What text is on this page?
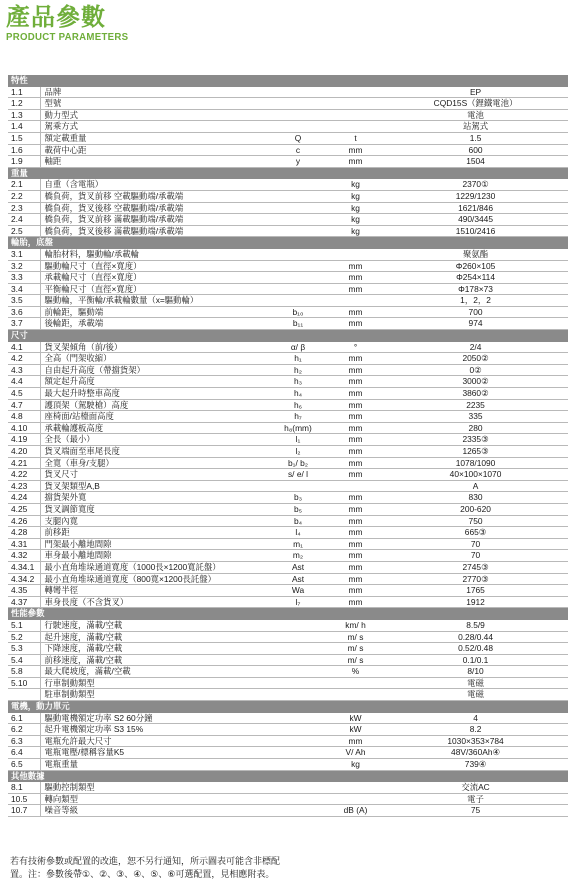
產品參數
PRODUCT PARAMETERS
特性				
1.1	品牌			EP
1.2	型號			CQD15S（鋰鐵電池）
1.3	動力型式			電池
1.4	駕乘方式			站駕式
1.5	額定載重量	Q	t	1.5
1.6	載荷中心距	c	mm	600
1.9	軸距	y	mm	1504
重量				
2.1	自重（含電瓶）		kg	2370①
2.2	橋負荷，貨叉前移 空載驅動端/承載端		kg	1229/1230
2.3	橋負荷，貨叉後移 空載驅動端/承載端		kg	1621/846
2.4	橋負荷，貨叉前移 滿載驅動端/承載端		kg	490/3445
2.5	橋負荷，貨叉後移 滿載驅動端/承載端		kg	1510/2416
輪胎，底盤				
3.1	輪胎材料，驅動輪/承載輪			聚氨酯
3.2	驅動輪尺寸（直徑×寬度）		mm	Φ260×105
3.3	承載輪尺寸（直徑×寬度）		mm	Φ254×114
3.4	平衡輪尺寸（直徑×寬度）		mm	Φ178×73
3.5	驅動輪，平衡輪/承載輪數量（x=驅動輪）			1，2，2
3.6	前輪距，驅動端	b₁₀	mm	700
3.7	後輪距，承載端	b₁₁	mm	974
尺寸				
4.1	貨叉架傾角（前/後）	α/ β	°	2/4
4.2	全高（門架收縮）	h₁	mm	2050②
4.3	自由起升高度（帶擋貨架）	h₂	mm	0②
4.4	額定起升高度	h₃	mm	3000②
4.5	最大起升時整車高度	h₄	mm	3860②
4.7	護頂架（駕駛槍）高度	h₆	mm	2235
4.8	座椅面/站檯面高度	h₇	mm	335
4.10	承載輪護板高度	h₈(mm)	mm	280
4.19	全長（最小）	l₁	mm	2335③
4.20	貨叉端面至車尾長度	l₂	mm	1265③
4.21	全寬（車身/支腿）	b₁/ b₂	mm	1078/1090
4.22	貨叉尺寸	s/ e/ l	mm	40×100×1070
4.23	貨叉架類型A,B			A
4.24	擋貨架外寬	b₃	mm	830
4.25	貨叉調節寬度	b₅	mm	200-620
4.26	支腿內寬	b₄	mm	750
4.28	前移距	l₄	mm	665③
4.31	門架最小離地間隙	m₁	mm	70
4.32	車身最小離地間隙	m₂	mm	70
4.34.1	最小直角堆垛通道寬度（1000長×1200寬託盤）	Ast	mm	2745③
4.34.2	最小直角堆垛通道寬度（800寬×1200長託盤）	Ast	mm	2770③
4.35	轉彎半徑	Wa	mm	1765
4.37	車身長度（不含貨叉）	l₇	mm	1912
性能參數				
5.1	行駛速度，滿載/空載		km/ h	8.5/9
5.2	起升速度，滿載/空載		m/ s	0.28/0.44
5.3	下降速度，滿載/空載		m/ s	0.52/0.48
5.4	前移速度，滿載/空載		m/ s	0.1/0.1
5.8	最大爬坡度，滿載/空載		%	8/10
5.10	行車制動類型			電磁
	駐車制動類型			電磁
電機，動力單元				
6.1	驅動電機額定功率 S2 60分鐘		kW	4
6.2	起升電機額定功率 S3 15%		kW	8.2
6.3	電瓶允許最大尺寸		mm	1030×353×784
6.4	電瓶電壓/標稱容量K5		V/ Ah	48V/360Ah④
6.5	電瓶重量		kg	739④
其他數據				
8.1	驅動控制類型			交流AC
10.5	轉向類型			電子
10.7	噪音等級		dB (A)	75
若有技術參數或配置的改進，恕不另行通知，所示圖表可能含非標配
置。注：參數後帶①、②、③、④、⑤、⑥可選配置，見相應附表。
